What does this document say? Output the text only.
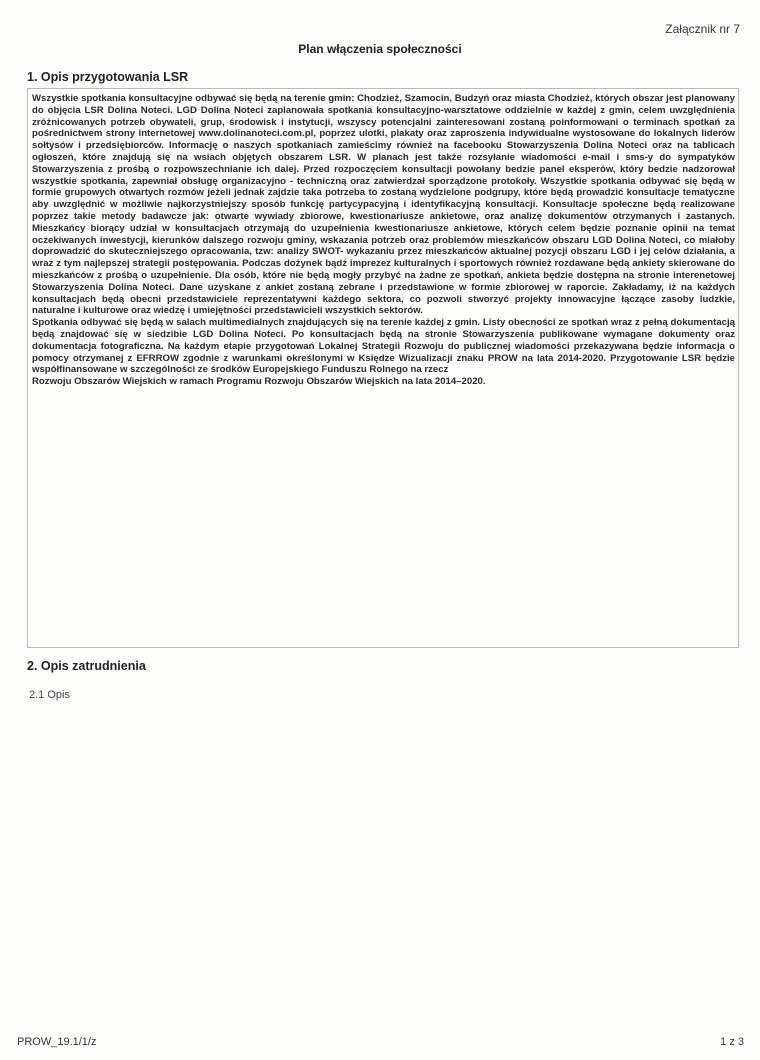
Załącznik nr 7
Plan włączenia społeczności
1. Opis przygotowania LSR

Wszystkie spotkania konsultacyjne odbywać się będą na terenie gmin: Chodzież, Szamocin, Budzyń oraz miasta Chodzież, których obszar jest planowany do objęcia LSR Dolina Noteci. LGD Dolina Noteci zaplanowała spotkania konsultacyjno-warsztatowe oddzielnie w każdej z gmin, celem uwzględnienia zróżnicowanych potrzeb obywateli, grup, środowisk i instytucji, wszyscy potencjalni zainteresowani zostaną poinformowani o terminach spotkań za pośrednictwem strony internetowej www.dolinanoteci.com.pl, poprzez ulotki, plakaty oraz zaproszenia indywidualne wystosowane do lokalnych liderów sołtysów i przedsiębiorców. Informację o naszych spotkaniach zamieścimy również na facebooku Stowarzyszenia Dolina Noteci oraz na tablicach ogłoszeń, które znajdują się na wsiach objętych obszarem LSR. W planach jest także rozsyłanie wiadomości e-mail i sms-y do sympatyków Stowarzyszenia z prośbą o rozpowszechnianie ich dalej. Przed rozpoczęciem konsultacji powołany bedzie panel eksperów, który bedzie nadzorował wszystkie spotkania, zapewniał obsługę organizacyjno - techniczną oraz zatwierdzał sporządzone protokoły. Wszystkie spotkania odbywać się będą w formie grupowych otwartych rozmów jeżeli jednak zajdzie taka potrzeba to zostaną wydzielone podgrupy, które będą prowadzić konsultacje tematyczne aby uwzględnić w możliwie najkorzystniejszy sposób funkcję partycypacyjną i identyfikacyjną konsultacji. Konsultacje społeczne będą realizowane poprzez takie metody badawcze jak: otwarte wywiady zbiorowe, kwestionariusze ankietowe, oraz analizę dokumentów otrzymanych i zastanych. Mieszkańcy biorący udział w konsultacjach otrzymają do uzupełnienia kwestionariusze ankietowe, których celem będzie poznanie opinii na temat oczekiwanych inwestycji, kierunków dalszego rozwoju gminy, wskazania potrzeb oraz problemów mieszkańców obszaru LGD Dolina Noteci, co miałoby doprowadzić do skuteczniejszego opracowania, tzw: analizy SWOT- wykazaniu przez mieszkańców aktualnej pozycji obszaru LGD i jej celów działania, a wraz z tym najlepszej strategii postępowania. Podczas dożynek bądź imprezez kulturalnych i sportowych również rozdawane będą ankiety skierowane do mieszkańców z prośbą o uzupełnienie. Dla osób, które nie będą mogły przybyć na żadne ze spotkań, ankieta będzie dostępna na stronie interenetowej Stowarzyszenia Dolina Noteci. Dane uzyskane z ankiet zostaną zebrane i przedstawione w formie zbiorowej w raporcie. Zakładamy, iż na każdych konsultacjach będą obecni przedstawiciele reprezentatywni każdego sektora, co pozwoli stworzyć projekty innowacyjne łączące zasoby ludzkie, naturalne i kulturowe oraz wiedzę i umiejętności przedstawicieli wszystkich sektorów.

Spotkania odbywać się będą w salach multimedialnych znajdujących się na terenie każdej z gmin. Listy obecności ze spotkań wraz z pełną dokumentacją będą znajdować się w siedzibie LGD Dolina Noteci. Po konsultacjach będą na stronie Stowarzyszenia publikowane wymagane dokumenty oraz dokumentacja fotograficzna. Na każdym etapie przygotowań Lokalnej Strategii Rozwoju do publicznej wiadomości przekazywana będzie informacja o pomocy otrzymanej z EFRROW zgodnie z warunkami określonymi w Księdze Wizualizacji znaku PROW na lata 2014-2020. Przygotowanie LSR będzie współfinansowane w szczególności ze środków Europejskiego Funduszu Rolnego na rzecz
Rozwoju Obszarów Wiejskich w ramach Programu Rozwoju Obszarów Wiejskich na lata 2014–2020.

2. Opis zatrudnienia
2.1 Opis
PROW_19.1/1/z	1 z 3
